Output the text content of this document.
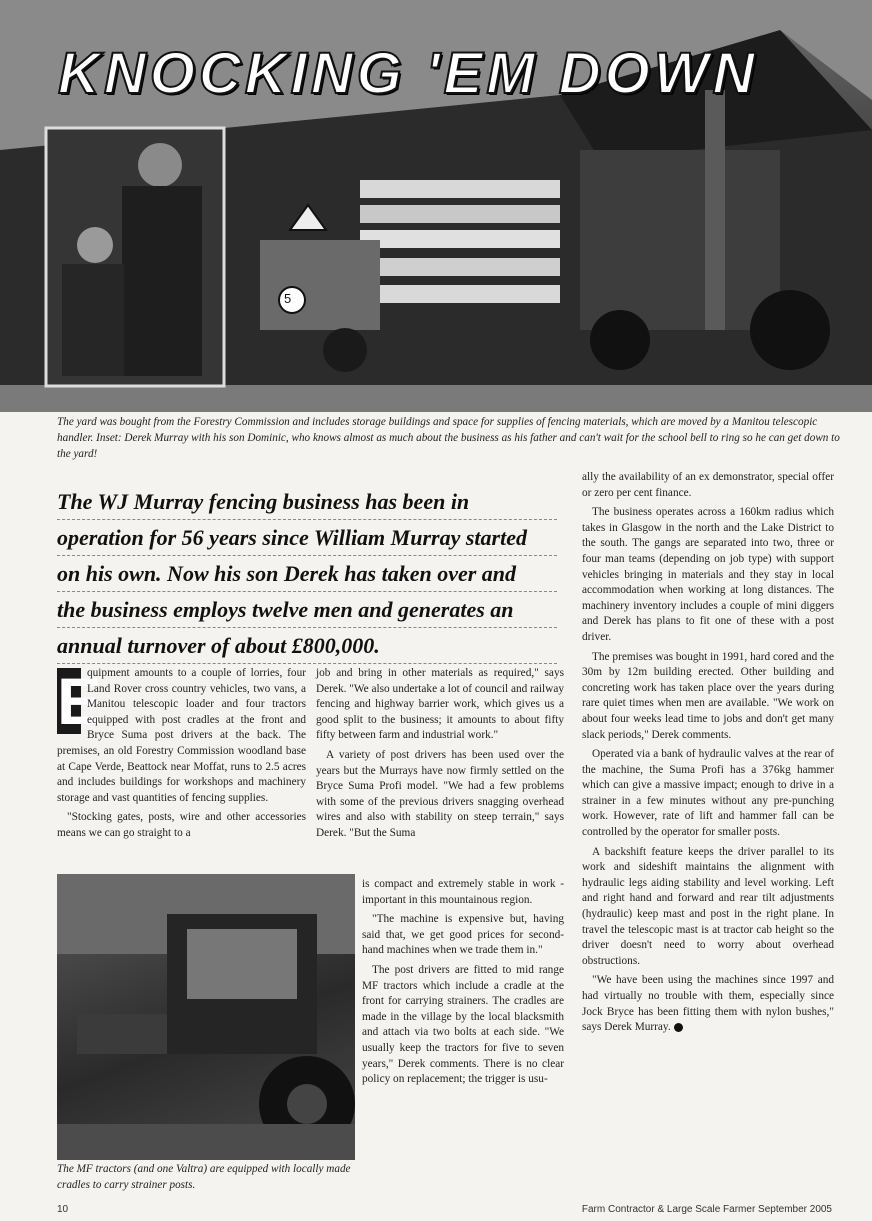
5
KNOCKING 'EM DOWN
The yard was bought from the Forestry Commission and includes storage buildings and space for supplies of fencing materials, which are moved by a Manitou telescopic handler. Inset: Derek Murray with his son Dominic, who knows almost as much about the business as his father and can't wait for the school bell to ring so he can get down to the yard!
The WJ Murray fencing business has been in
operation for 56 years since William Murray started
on his own. Now his son Derek has taken over and
the business employs twelve men and generates an
annual turnover of about £800,000.

E
quipment amounts to a couple of lorries, four Land Rover cross country vehicles, two vans, a Manitou telescopic loader and four tractors equipped with post cradles at the front and Bryce Suma post drivers at the back. The premises, an old Forestry Commission woodland base at Cape Verde, Beattock near Moffat, runs to 2.5 acres and includes buildings for workshops and machinery storage and vast quantities of fencing supplies.

"Stocking gates, posts, wire and other accessories means we can go straight to a

job and bring in other materials as required," says Derek. "We also undertake a lot of council and railway fencing and highway barrier work, which gives us a good split to the business; it amounts to about fifty fifty between farm and industrial work."

A variety of post drivers has been used over the years but the Murrays have now firmly settled on the Bryce Suma Profi model. "We had a few problems with some of the previous drivers snagging overhead wires and also with stability on steep terrain," says Derek. "But the Suma

is compact and extremely stable in work - important in this mountainous region.

"The machine is expensive but, having said that, we get good prices for second-hand machines when we trade them in."

The post drivers are fitted to mid range MF tractors which include a cradle at the front for carrying strainers. The cradles are made in the village by the local blacksmith and attach via two bolts at each side. "We usually keep the tractors for five to seven years," Derek comments. There is no clear policy on replacement; the trigger is usu-

ally the availability of an ex demonstrator, special offer or zero per cent finance.

The business operates across a 160km radius which takes in Glasgow in the north and the Lake District to the south. The gangs are separated into two, three or four man teams (depending on job type) with support vehicles bringing in materials and they stay in local accommodation when working at long distances. The machinery inventory includes a couple of mini diggers and Derek has plans to fit one of these with a post driver.

The premises was bought in 1991, hard cored and the 30m by 12m building erected. Other building and concreting work has taken place over the years during rare quiet times when men are available. "We work on about four weeks lead time to jobs and don't get many slack periods," Derek comments.

Operated via a bank of hydraulic valves at the rear of the machine, the Suma Profi has a 376kg hammer which can give a massive impact; enough to drive in a strainer in a few minutes without any pre-punching work. However, rate of lift and hammer fall can be controlled by the operator for smaller posts.

A backshift feature keeps the driver parallel to its work and sideshift maintains the alignment with hydraulic legs aiding stability and level working. Left and right hand and forward and rear tilt adjustments (hydraulic) keep mast and post in the right plane. In travel the telescopic mast is at tractor cab height so the driver doesn't need to worry about overhead obstructions.

"We have been using the machines since 1997 and had virtually no trouble with them, especially since Jock Bryce has been fitting them with nylon bushes," says Derek Murray.

The MF tractors (and one Valtra) are equipped with locally made cradles to carry strainer posts.
10	Farm Contractor & Large Scale Farmer September 2005
